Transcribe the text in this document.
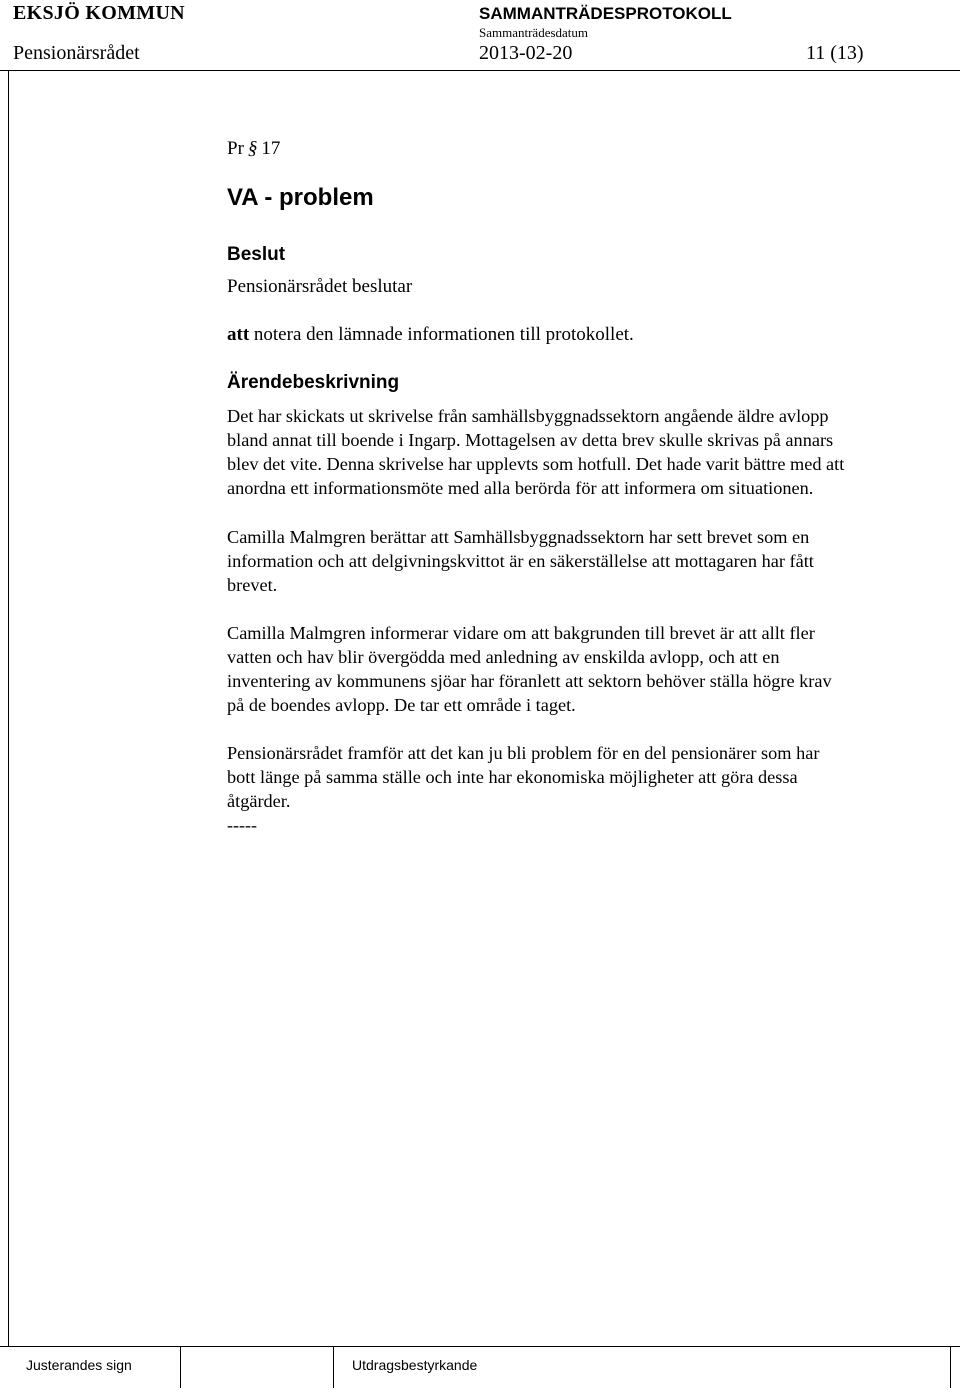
EKSJÖ KOMMUN	SAMMANTRÄDESPROTOKOLL
Sammanträdesdatum
Pensionärsrådet	2013-02-20	11 (13)
Pr § 17
VA - problem
Beslut
Pensionärsrådet beslutar
att notera den lämnade informationen till protokollet.
Ärendebeskrivning
Det har skickats ut skrivelse från samhällsbyggnadssektorn angående äldre avlopp
bland annat till boende i Ingarp. Mottagelsen av detta brev skulle skrivas på annars
blev det vite. Denna skrivelse har upplevts som hotfull. Det hade varit bättre med att
anordna ett informationsmöte med alla berörda för att informera om situationen.
Camilla Malmgren berättar att Samhällsbyggnadssektorn har sett brevet som en
information och att delgivningskvittot är en säkerställelse att mottagaren har fått
brevet.
Camilla Malmgren informerar vidare om att bakgrunden till brevet är att allt fler
vatten och hav blir övergödda med anledning av enskilda avlopp, och att en
inventering av kommunens sjöar har föranlett att sektorn behöver ställa högre krav
på de boendes avlopp. De tar ett område i taget.
Pensionärsrådet framför att det kan ju bli problem för en del pensionärer som har
bott länge på samma ställe och inte har ekonomiska möjligheter att göra dessa
åtgärder.
-----
Justerandes sign	Utdragsbestyrkande
